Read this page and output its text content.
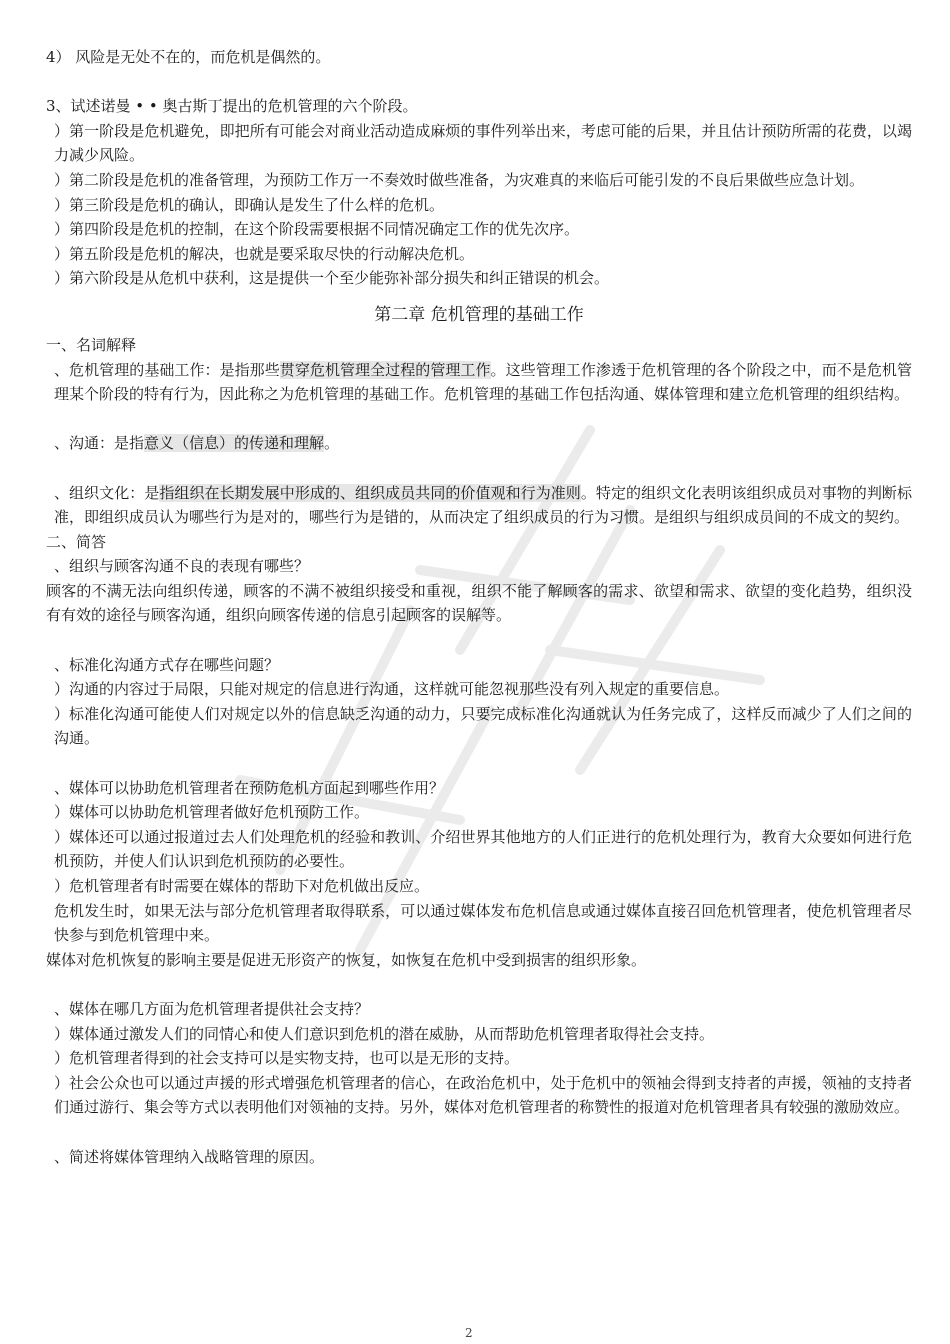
4） 风险是无处不在的，而危机是偶然的。

3、试述诺曼 • • 奥古斯丁提出的危机管理的六个阶段。

）第一阶段是危机避免，即把所有可能会对商业活动造成麻烦的事件列举出来，考虑可能的后果，并且估计预防所需的花费，以竭力减少风险。

）第二阶段是危机的准备管理，为预防工作万一不奏效时做些准备，为灾难真的来临后可能引发的不良后果做些应急计划。

）第三阶段是危机的确认，即确认是发生了什么样的危机。

）第四阶段是危机的控制，在这个阶段需要根据不同情况确定工作的优先次序。

）第五阶段是危机的解决，也就是要采取尽快的行动解决危机。

）第六阶段是从危机中获利，这是提供一个至少能弥补部分损失和纠正错误的机会。

第二章 危机管理的基础工作

一、名词解释

、危机管理的基础工作：是指那些贯穿危机管理全过程的管理工作。这些管理工作渗透于危机管理的各个阶段之中，而不是危机管理某个阶段的特有行为，因此称之为危机管理的基础工作。危机管理的基础工作包括沟通、媒体管理和建立危机管理的组织结构。

、沟通：是指意义（信息）的传递和理解。

、组织文化：是指组织在长期发展中形成的、组织成员共同的价值观和行为准则。特定的组织文化表明该组织成员对事物的判断标准，即组织成员认为哪些行为是对的，哪些行为是错的，从而决定了组织成员的行为习惯。是组织与组织成员间的不成文的契约。

二、简答

、组织与顾客沟通不良的表现有哪些？

顾客的不满无法向组织传递，顾客的不满不被组织接受和重视，组织不能了解顾客的需求、欲望和需求、欲望的变化趋势，组织没有有效的途径与顾客沟通，组织向顾客传递的信息引起顾客的误解等。

、标准化沟通方式存在哪些问题？

）沟通的内容过于局限，只能对规定的信息进行沟通，这样就可能忽视那些没有列入规定的重要信息。

）标准化沟通可能使人们对规定以外的信息缺乏沟通的动力，只要完成标准化沟通就认为任务完成了，这样反而减少了人们之间的沟通。

、媒体可以协助危机管理者在预防危机方面起到哪些作用？

）媒体可以协助危机管理者做好危机预防工作。

）媒体还可以通过报道过去人们处理危机的经验和教训、介绍世界其他地方的人们正进行的危机处理行为，教育大众要如何进行危机预防，并使人们认识到危机预防的必要性。

）危机管理者有时需要在媒体的帮助下对危机做出反应。

危机发生时，如果无法与部分危机管理者取得联系，可以通过媒体发布危机信息或通过媒体直接召回危机管理者，使危机管理者尽快参与到危机管理中来。

媒体对危机恢复的影响主要是促进无形资产的恢复，如恢复在危机中受到损害的组织形象。

、媒体在哪几方面为危机管理者提供社会支持？

）媒体通过激发人们的同情心和使人们意识到危机的潜在威胁，从而帮助危机管理者取得社会支持。

）危机管理者得到的社会支持可以是实物支持，也可以是无形的支持。

）社会公众也可以通过声援的形式增强危机管理者的信心，在政治危机中，处于危机中的领袖会得到支持者的声援，领袖的支持者们通过游行、集会等方式以表明他们对领袖的支持。另外，媒体对危机管理者的称赞性的报道对危机管理者具有较强的激励效应。

、简述将媒体管理纳入战略管理的原因。

2
